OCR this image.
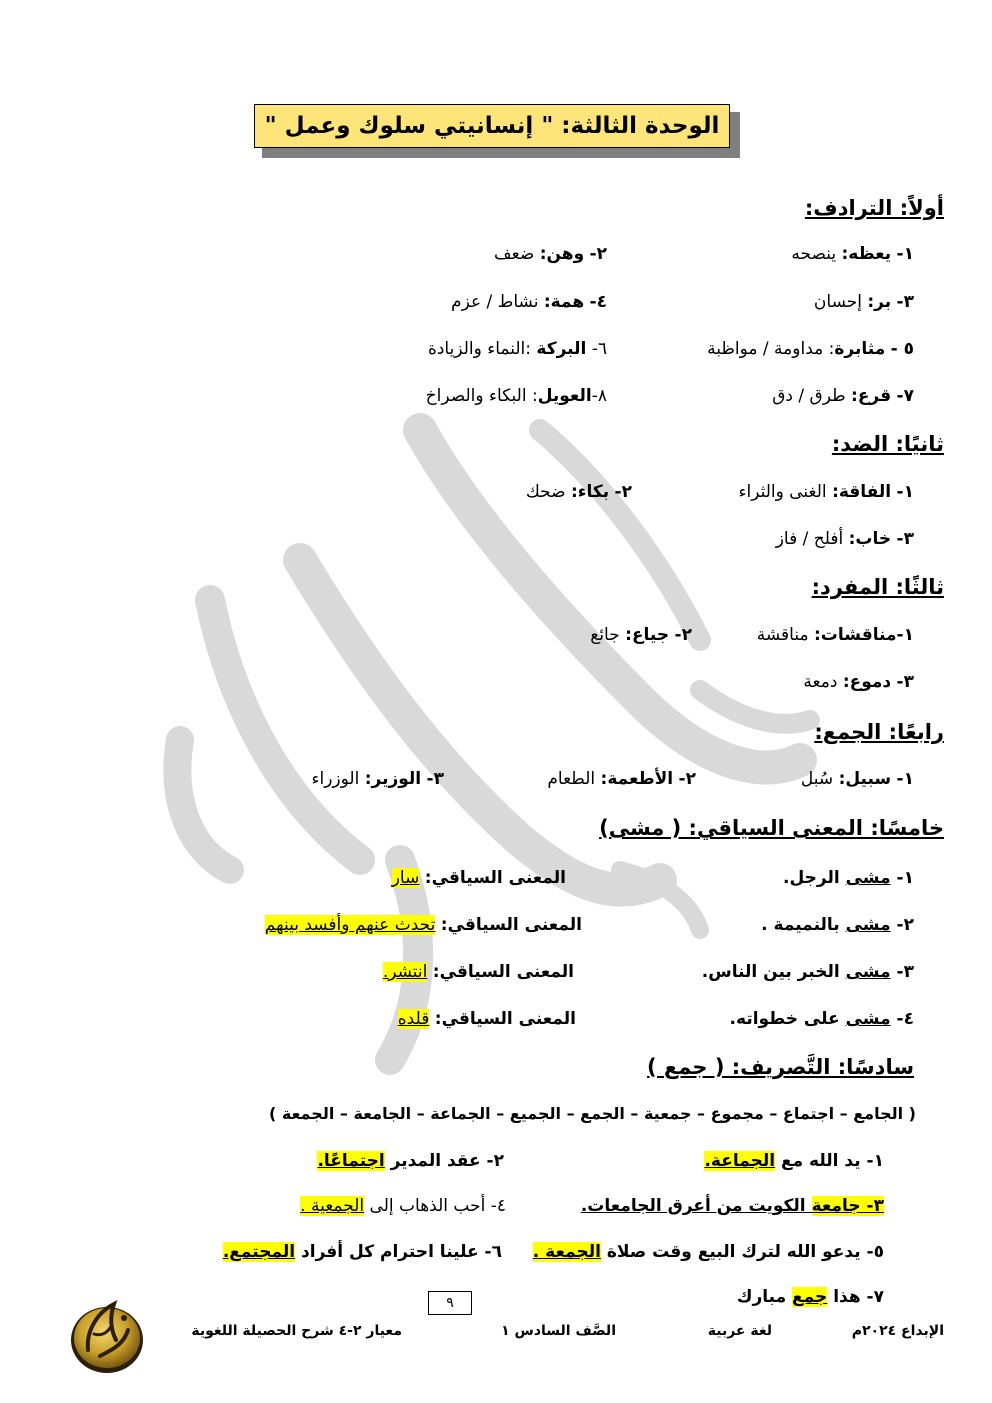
الوحدة الثالثة: " إنسانيتي سلوك وعمل "
أولاً: الترادف:
١- يعظه: ينصحه
٢- وهن: ضعف
٣- بر: إحسان
٤- همة: نشاط / عزم
٥ - مثابرة: مداومة / مواظبة
٦- البركة :النماء والزيادة
٧- قرع: طرق / دق
٨-العويل: البكاء والصراخ
ثانيًا: الضد:
١- الفاقة: الغنى والثراء
٢- بكاء: ضحك
٣- خاب: أفلح / فاز
ثالثًا: المفرد:
١-مناقشات: مناقشة
٢- جياع: جائع
٣- دموع: دمعة
رابعًا: الجمع:
١- سبيل: سُبل
٢- الأطعمة: الطعام
٣- الوزير: الوزراء
خامسًا: المعنى السياقي: ( مشى)
١- مشى الرجل.
المعنى السياقي: سار
٢- مشى بالنميمة .
المعنى السياقي: تحدث عنهم وأفسد بينهم
٣- مشى الخبر بين الناس.
المعنى السياقي: انتشر.
٤- مشى على خطواته.
المعنى السياقي: قلده
سادسًا: التَّصريف: ( جمع )
( الجامع – اجتماع – مجموع – جمعية – الجمع – الجميع – الجماعة – الجامعة – الجمعة )
١- يد الله مع الجماعة.
٢- عقد المدير اجتماعًا.
٣- جامعة الكويت من أعرق الجامعات.
٤- أحب الذهاب إلى الجمعية .
٥- يدعو الله لترك البيع وقت صلاة الجمعة .
٦- علينا احترام كل أفراد المجتمع.
٧- هذا جمع مبارك
٩
الإبداع ٢٠٢٤م
لغة عربية
الصَّف السادس ١
معيار ٢-٤ شرح الحصيلة اللغوية
